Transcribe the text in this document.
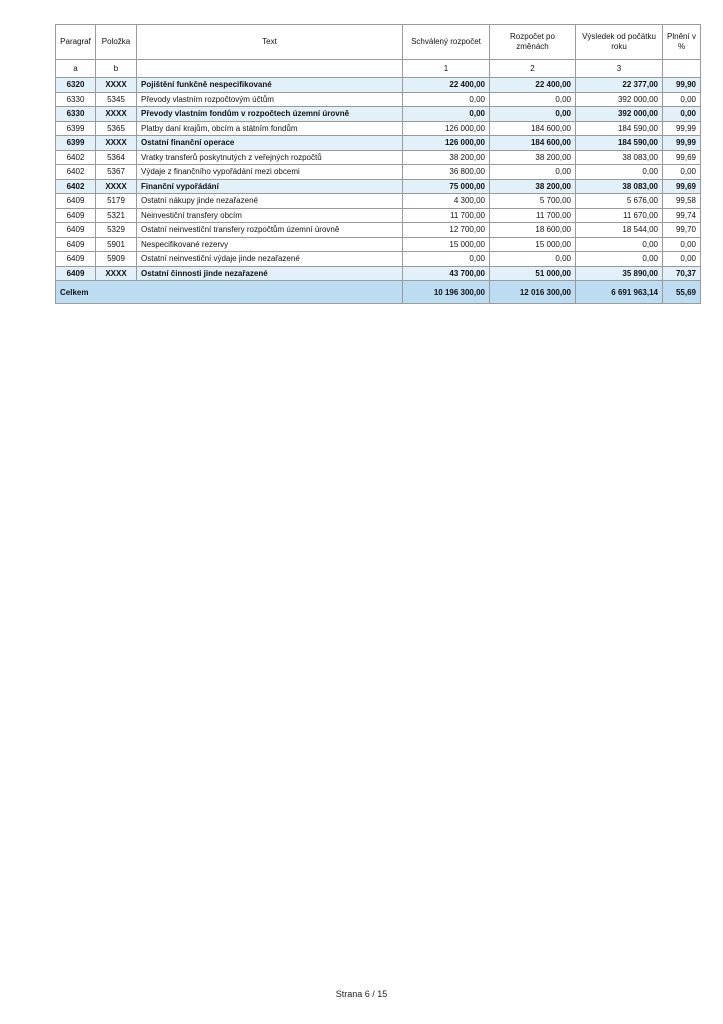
Paragraf	Položka	Text	Schválený rozpočet	Rozpočet po změnách	Výsledek od počátku roku	Plnění v %
a	b		1	2	3	
6320	XXXX	Pojištění funkčně nespecifikované	22 400,00	22 400,00	22 377,00	99,90
6330	5345	Převody vlastním rozpočtovým účtům	0,00	0,00	392 000,00	0,00
6330	XXXX	Převody vlastním fondům v rozpočtech územní úrovně	0,00	0,00	392 000,00	0,00
6399	5365	Platby daní krajům, obcím a státním fondům	126 000,00	184 600,00	184 590,00	99,99
6399	XXXX	Ostatní finanční operace	126 000,00	184 600,00	184 590,00	99,99
6402	5364	Vratky transferů poskytnutých z veřejných rozpočtů	38 200,00	38 200,00	38 083,00	99,69
6402	5367	Výdaje z finančního vypořádání mezi obcemi	36 800,00	0,00	0,00	0,00
6402	XXXX	Finanční vypořádání	75 000,00	38 200,00	38 083,00	99,69
6409	5179	Ostatní nákupy jinde nezařazené	4 300,00	5 700,00	5 676,00	99,58
6409	5321	Neinvestiční transfery obcím	11 700,00	11 700,00	11 670,00	99,74
6409	5329	Ostatní neinvestiční transfery rozpočtům územní úrovně	12 700,00	18 600,00	18 544,00	99,70
6409	5901	Nespecifikované rezervy	15 000,00	15 000,00	0,00	0,00
6409	5909	Ostatní neinvestiční výdaje jinde nezařazené	0,00	0,00	0,00	0,00
6409	XXXX	Ostatní činnosti jinde nezařazené	43 700,00	51 000,00	35 890,00	70,37
Celkem			10 196 300,00	12 016 300,00	6 691 963,14	55,69
Strana 6 / 15
